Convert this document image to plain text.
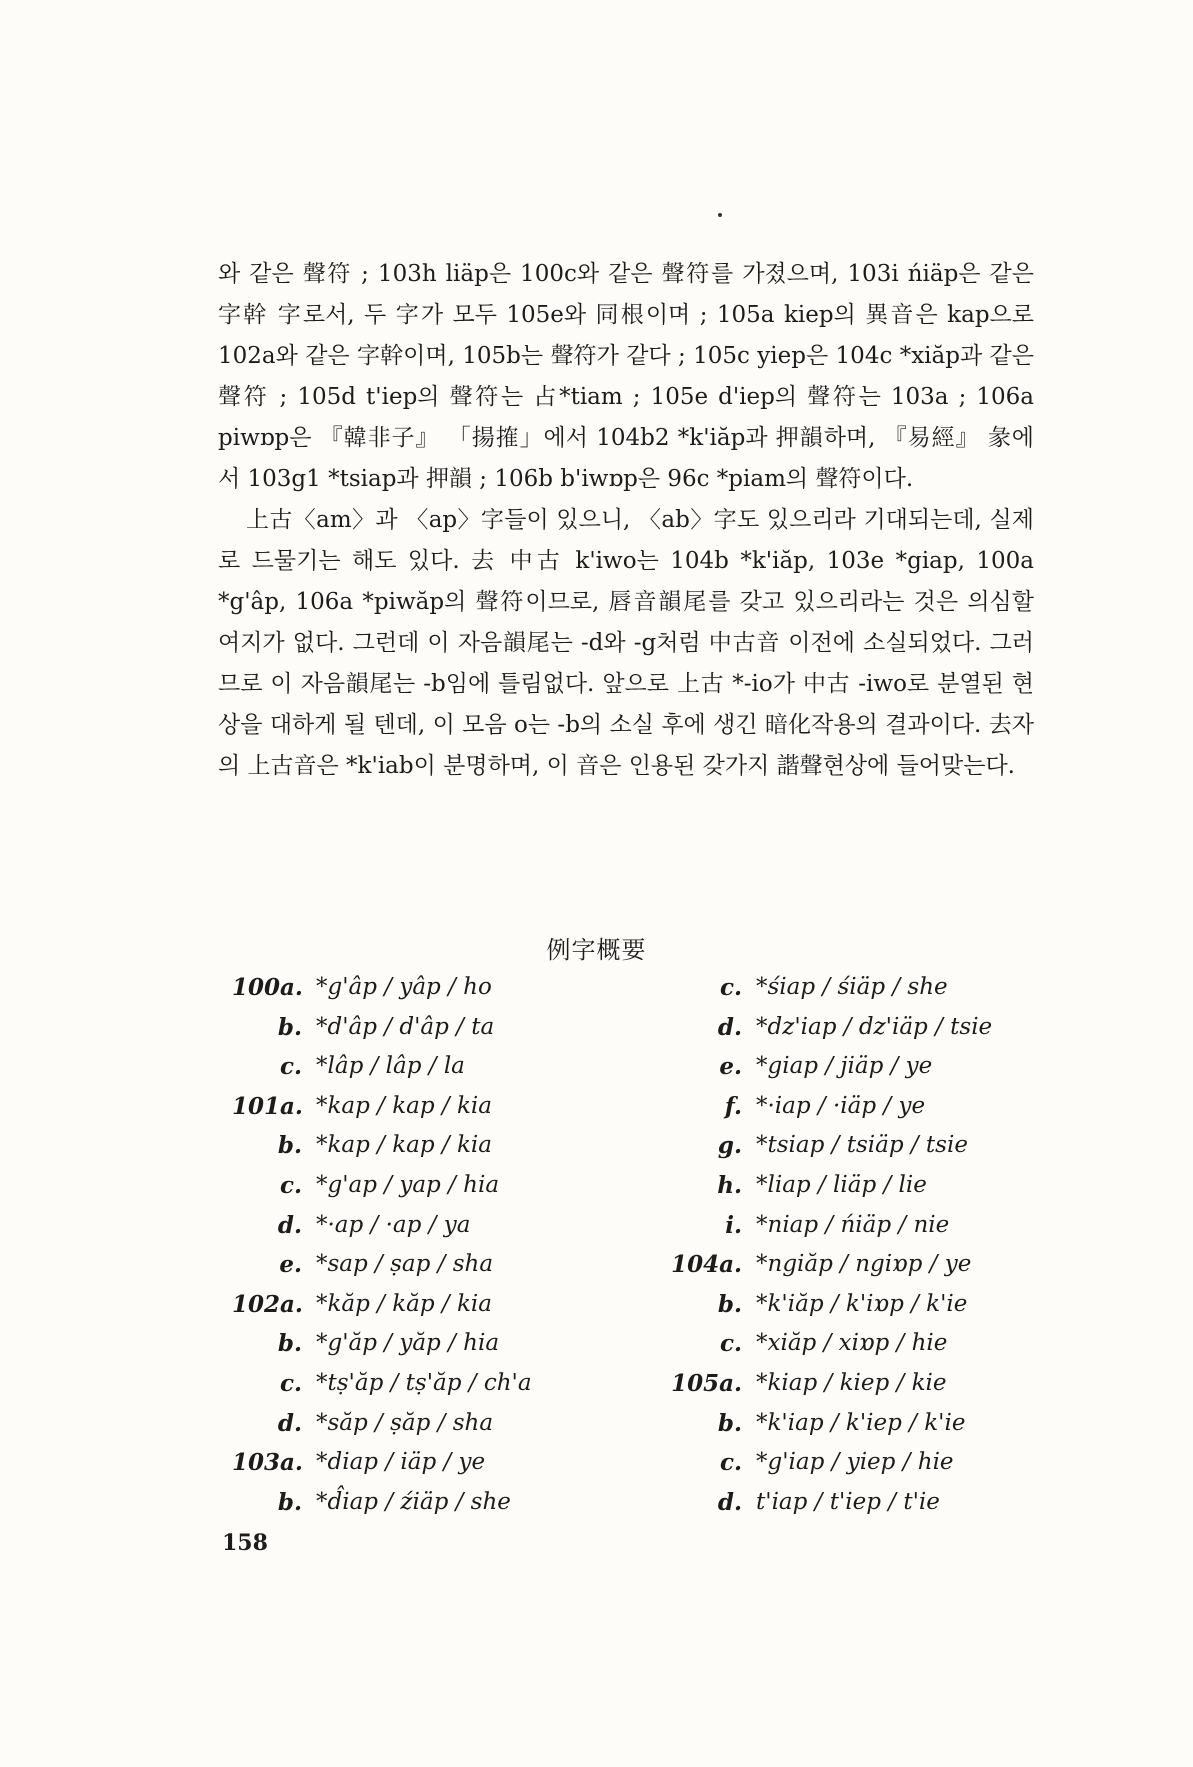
와 같은 聲符 ; 103h liäp은 100c와 같은 聲符를 가졌으며, 103i ńiäp은 같은 字幹 字로서, 두 字가 모두 105e와 同根이며 ; 105a kiep의 異音은 kap으로 102a와 같은 字幹이며, 105b는 聲符가 같다 ; 105c yiep은 104c *xiăp과 같은 聲符 ; 105d t'iep의 聲符는 占*tiam ; 105e d'iep의 聲符는 103a ; 106a piwɒp은 『韓非子』 「揚搉」에서 104b2 *k'iăp과 押韻하며, 『易經』 彖에서 103g1 *tsiap과 押韻 ; 106b b'iwɒp은 96c *piam의 聲符이다.

上古〈am〉과 〈ap〉字들이 있으니, 〈ab〉字도 있으리라 기대되는데, 실제로 드물기는 해도 있다. 去 中古 k'iwo는 104b *k'iăp, 103e *giap, 100a *g'âp, 106a *piwăp의 聲符이므로, 唇音韻尾를 갖고 있으리라는 것은 의심할 여지가 없다. 그런데 이 자음韻尾는 -d와 -g처럼 中古音 이전에 소실되었다. 그러므로 이 자음韻尾는 -b임에 틀림없다. 앞으로 上古 *-io가 中古 -iwo로 분열된 현상을 대하게 될 텐데, 이 모음 o는 -b의 소실 후에 생긴 暗化작용의 결과이다. 去자의 上古音은 *k'iab이 분명하며, 이 音은 인용된 갖가지 諧聲현상에 들어맞는다.

例字概要
100a. *g'âp / yâp / ho
b. *d'âp / d'âp / ta
c. *lâp / lâp / la
101a. *kap / kap / kia
b. *kap / kap / kia
c. *g'ap / yap / hia
d. *·ap / ·ap / ya
e. *sap / ṣap / sha
102a. *kăp / kăp / kia
b. *g'ăp / yăp / hia
c. *tṣ'ăp / tṣ'ăp / ch'a
d. *săp / ṣăp / sha
103a. *diap / iäp / ye
b. *d̂iap / źiäp / she
c. *śiap / śiäp / she
d. *dz'iap / dz'iäp / tsie
e. *giap / jiäp / ye
f. *·iap / ·iäp / ye
g. *tsiap / tsiäp / tsie
h. *liap / liäp / lie
i. *niap / ńiäp / nie
104a. *ngiăp / ngiɒp / ye
b. *k'iăp / k'iɒp / k'ie
c. *xiăp / xiɒp / hie
105a. *kiap / kiep / kie
b. *k'iap / k'iep / k'ie
c. *g'iap / yiep / hie
d. t'iap / t'iep / t'ie
158
